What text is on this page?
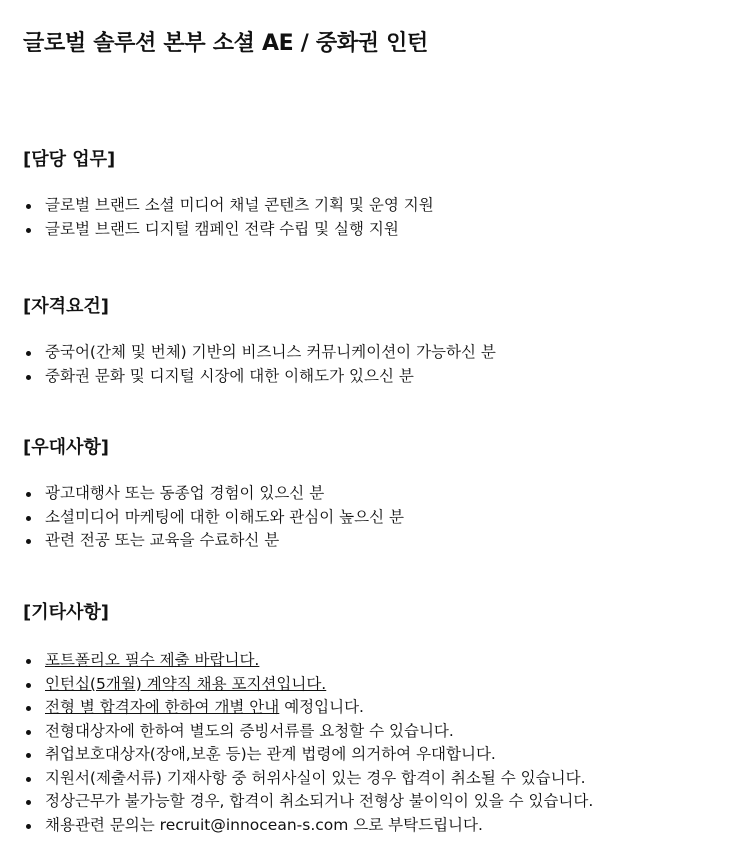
글로벌 솔루션 본부 소셜 AE / 중화권 인턴
[담당 업무]
글로벌 브랜드 소셜 미디어 채널 콘텐츠 기획 및 운영 지원
글로벌 브랜드 디지털 캠페인 전략 수립 및 실행 지원
[자격요건]
중국어(간체 및 번체) 기반의 비즈니스 커뮤니케이션이 가능하신 분
중화권 문화 및 디지털 시장에 대한 이해도가 있으신 분
[우대사항]
광고대행사 또는 동종업 경험이 있으신 분
소셜미디어 마케팅에 대한 이해도와 관심이 높으신 분
관련 전공 또는 교육을 수료하신 분
[기타사항]
포트폴리오 필수 제출 바랍니다.
인턴십(5개월) 계약직 채용 포지션입니다.
전형 별 합격자에 한하여 개별 안내 예정입니다.
전형대상자에 한하여 별도의 증빙서류를 요청할 수 있습니다.
취업보호대상자(장애,보훈 등)는 관계 법령에 의거하여 우대합니다.
지원서(제출서류) 기재사항 중 허위사실이 있는 경우 합격이 취소될 수 있습니다.
정상근무가 불가능할 경우, 합격이 취소되거나 전형상 불이익이 있을 수 있습니다.
채용관련 문의는 recruit@innocean-s.com 으로 부탁드립니다.
